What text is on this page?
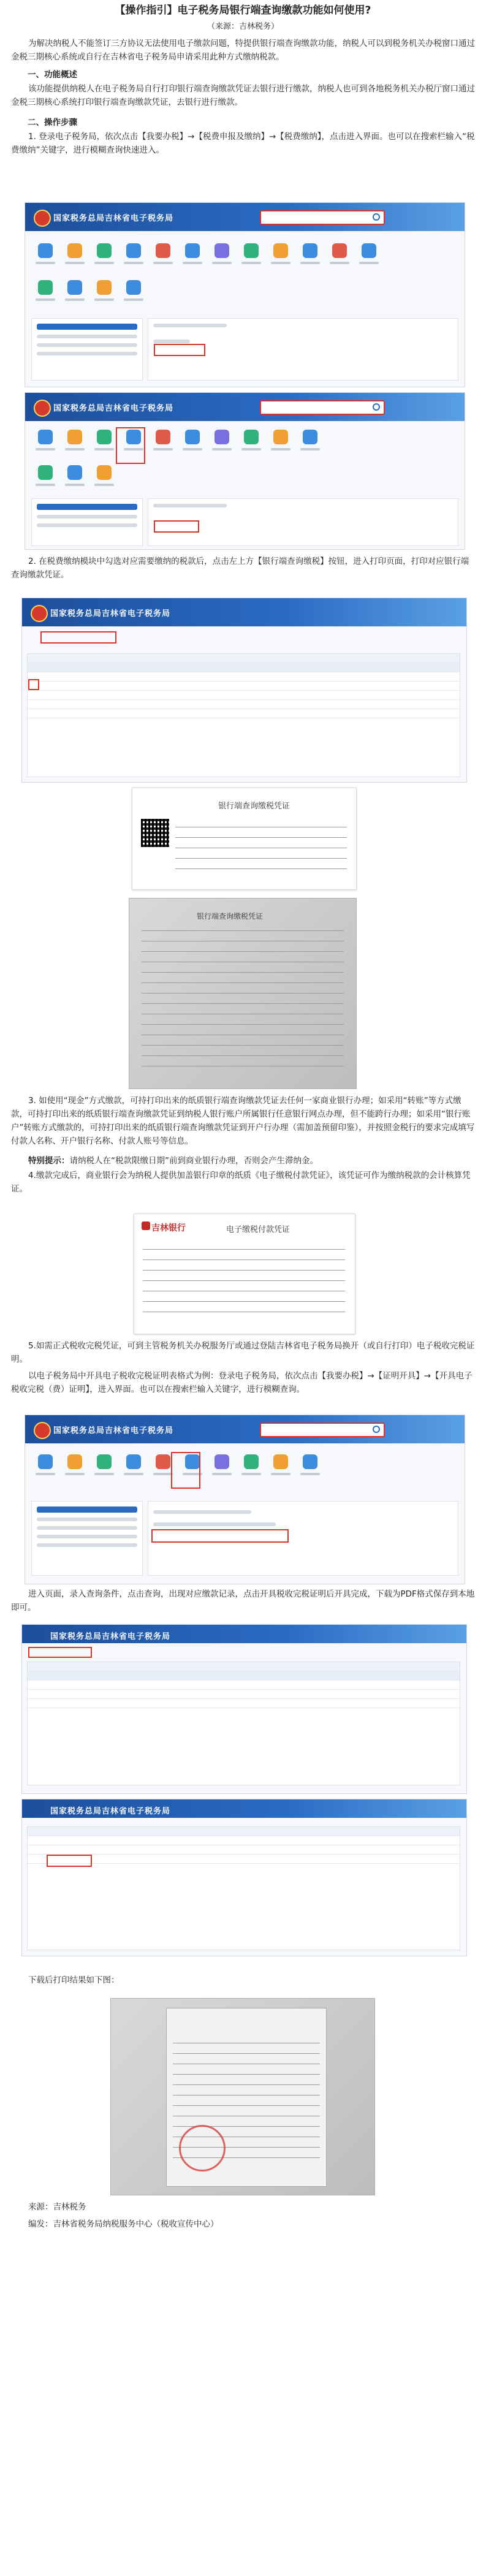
【操作指引】电子税务局银行端查询缴款功能如何使用?
（来源：吉林税务）
为解决纳税人不能签订三方协议无法使用电子缴款问题，特提供银行端查询缴款功能，纳税人可以到税务机关办税窗口通过金税三期核心系统或自行在吉林省电子税务局申请采用此种方式缴纳税款。
一、功能概述
该功能提供纳税人在电子税务局自行打印银行端查询缴款凭证去银行进行缴款，纳税人也可到各地税务机关办税厅窗口通过金税三期核心系统打印银行端查询缴款凭证，去银行进行缴款。
二、操作步骤
1. 登录电子税务局，依次点击【我要办税】→【税费申报及缴纳】→【税费缴纳】，点击进入界面。也可以在搜索栏输入“税费缴纳”关键字，进行模糊查询快速进入。
国家税务总局吉林省电子税务局
国家税务总局吉林省电子税务局
2. 在税费缴纳模块中勾选对应需要缴纳的税款后，点击左上方【银行端查询缴税】按钮，进入打印页面，打印对应银行端查询缴款凭证。
国家税务总局吉林省电子税务局
银行端查询缴税凭证
银行端查询缴税凭证
3. 如使用“现金”方式缴款，可持打印出来的纸质银行端查询缴款凭证去任何一家商业银行办理；如采用“转账”等方式缴款，可持打印出来的纸质银行端查询缴款凭证到纳税人银行账户所属银行任意银行网点办理，但不能跨行办理；如采用“银行账户”转账方式缴款的，可持打印出来的纸质银行端查询缴款凭证到开户行办理（需加盖预留印鉴），并按照金税行的要求完成填写付款人名称、开户银行名称、付款人账号等信息。
特别提示：请纳税人在“税款限缴日期”前到商业银行办理，否则会产生滞纳金。
4.缴款完成后，商业银行会为纳税人提供加盖银行印章的纸质《电子缴税付款凭证》，该凭证可作为缴纳税款的会计核算凭证。
吉林银行	电子缴税付款凭证
5.如需正式税收完税凭证，可到主管税务机关办税服务厅或通过登陆吉林省电子税务局换开（或自行打印）电子税收完税证明。
以电子税务局中开具电子税收完税证明表格式为例：登录电子税务局，依次点击【我要办税】→【证明开具】→【开具电子税收完税（费）证明】，进入界面。也可以在搜索栏输入关键字，进行模糊查询。
国家税务总局吉林省电子税务局
进入页面，录入查询条件，点击查询，出现对应缴款记录，点击开具税收完税证明后开具完成，下载为PDF格式保存到本地即可。
国家税务总局吉林省电子税务局
国家税务总局吉林省电子税务局
下载后打印结果如下图：
来源：吉林税务
编发：吉林省税务局纳税服务中心（税收宣传中心）
